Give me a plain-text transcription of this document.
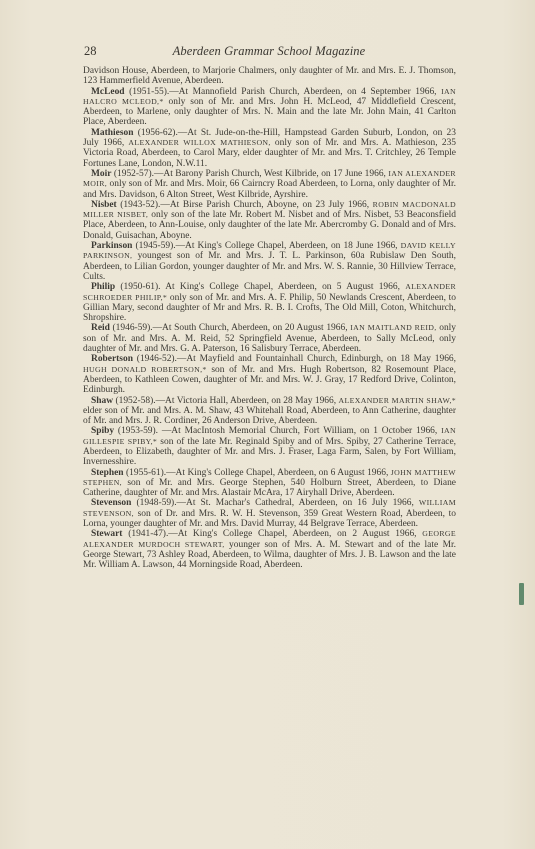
28	Aberdeen Grammar School Magazine

Davidson House, Aberdeen, to Marjorie Chalmers, only daughter of Mr. and Mrs. E. J. Thomson, 123 Hammerfield Avenue, Aberdeen.

McLeod (1951-55).—At Mannofield Parish Church, Aberdeen, on 4 September 1966, IAN HALCRO MCLEOD,* only son of Mr. and Mrs. John H. McLeod, 47 Middlefield Crescent, Aberdeen, to Marlene, only daughter of Mrs. N. Main and the late Mr. John Main, 41 Carlton Place, Aberdeen.

Mathieson (1956-62).—At St. Jude-on-the-Hill, Hampstead Garden Suburb, London, on 23 July 1966, ALEXANDER WILLOX MATHIESON, only son of Mr. and Mrs. A. Mathieson, 235 Victoria Road, Aberdeen, to Carol Mary, elder daughter of Mr. and Mrs. T. Critchley, 26 Temple Fortunes Lane, London, N.W.11.

Moir (1952-57).—At Barony Parish Church, West Kilbride, on 17 June 1966, IAN ALEXANDER MOIR, only son of Mr. and Mrs. Moir, 66 Cairncry Road Aberdeen, to Lorna, only daughter of Mr. and Mrs. Davidson, 6 Alton Street, West Kilbride, Ayrshire.

Nisbet (1943-52).—At Birse Parish Church, Aboyne, on 23 July 1966, ROBIN MACDONALD MILLER NISBET, only son of the late Mr. Robert M. Nisbet and of Mrs. Nisbet, 53 Beaconsfield Place, Aberdeen, to Ann-Louise, only daughter of the late Mr. Abercromby G. Donald and of Mrs. Donald, Guisachan, Aboyne.

Parkinson (1945-59).—At King's College Chapel, Aberdeen, on 18 June 1966, DAVID KELLY PARKINSON, youngest son of Mr. and Mrs. J. T. L. Parkinson, 60a Rubislaw Den South, Aberdeen, to Lilian Gordon, younger daughter of Mr. and Mrs. W. S. Rannie, 30 Hillview Terrace, Cults.

Philip (1950-61). At King's College Chapel, Aberdeen, on 5 August 1966, ALEXANDER SCHROEDER PHILIP,* only son of Mr. and Mrs. A. F. Philip, 50 Newlands Crescent, Aberdeen, to Gillian Mary, second daughter of Mr and Mrs. R. B. I. Crofts, The Old Mill, Coton, Whitchurch, Shropshire.

Reid (1946-59).—At South Church, Aberdeen, on 20 August 1966, IAN MAITLAND REID, only son of Mr. and Mrs. A. M. Reid, 52 Springfield Avenue, Aberdeen, to Sally McLeod, only daughter of Mr. and Mrs. G. A. Paterson, 16 Salisbury Terrace, Aberdeen.

Robertson (1946-52).—At Mayfield and Fountainhall Church, Edinburgh, on 18 May 1966, HUGH DONALD ROBERTSON,* son of Mr. and Mrs. Hugh Robertson, 82 Rosemount Place, Aberdeen, to Kathleen Cowen, daughter of Mr. and Mrs. W. J. Gray, 17 Redford Drive, Colinton, Edinburgh.

Shaw (1952-58).—At Victoria Hall, Aberdeen, on 28 May 1966, ALEXANDER MARTIN SHAW,* elder son of Mr. and Mrs. A. M. Shaw, 43 Whitehall Road, Aberdeen, to Ann Catherine, daughter of Mr. and Mrs. J. R. Cordiner, 26 Anderson Drive, Aberdeen.

Spiby (1953-59). —At MacIntosh Memorial Church, Fort William, on 1 October 1966, IAN GILLESPIE SPIBY,* son of the late Mr. Reginald Spiby and of Mrs. Spiby, 27 Catherine Terrace, Aberdeen, to Elizabeth, daughter of Mr. and Mrs. J. Fraser, Laga Farm, Salen, by Fort William, Invernesshire.

Stephen (1955-61).—At King's College Chapel, Aberdeen, on 6 August 1966, JOHN MATTHEW STEPHEN, son of Mr. and Mrs. George Stephen, 540 Holburn Street, Aberdeen, to Diane Catherine, daughter of Mr. and Mrs. Alastair McAra, 17 Airyhall Drive, Aberdeen.

Stevenson (1948-59).—At St. Machar's Cathedral, Aberdeen, on 16 July 1966, WILLIAM STEVENSON, son of Dr. and Mrs. R. W. H. Stevenson, 359 Great Western Road, Aberdeen, to Lorna, younger daughter of Mr. and Mrs. David Murray, 44 Belgrave Terrace, Aberdeen.

Stewart (1941-47).—At King's College Chapel, Aberdeen, on 2 August 1966, GEORGE ALEXANDER MURDOCH STEWART, younger son of Mrs. A. M. Stewart and of the late Mr. George Stewart, 73 Ashley Road, Aberdeen, to Wilma, daughter of Mrs. J. B. Lawson and the late Mr. William A. Lawson, 44 Morningside Road, Aberdeen.
